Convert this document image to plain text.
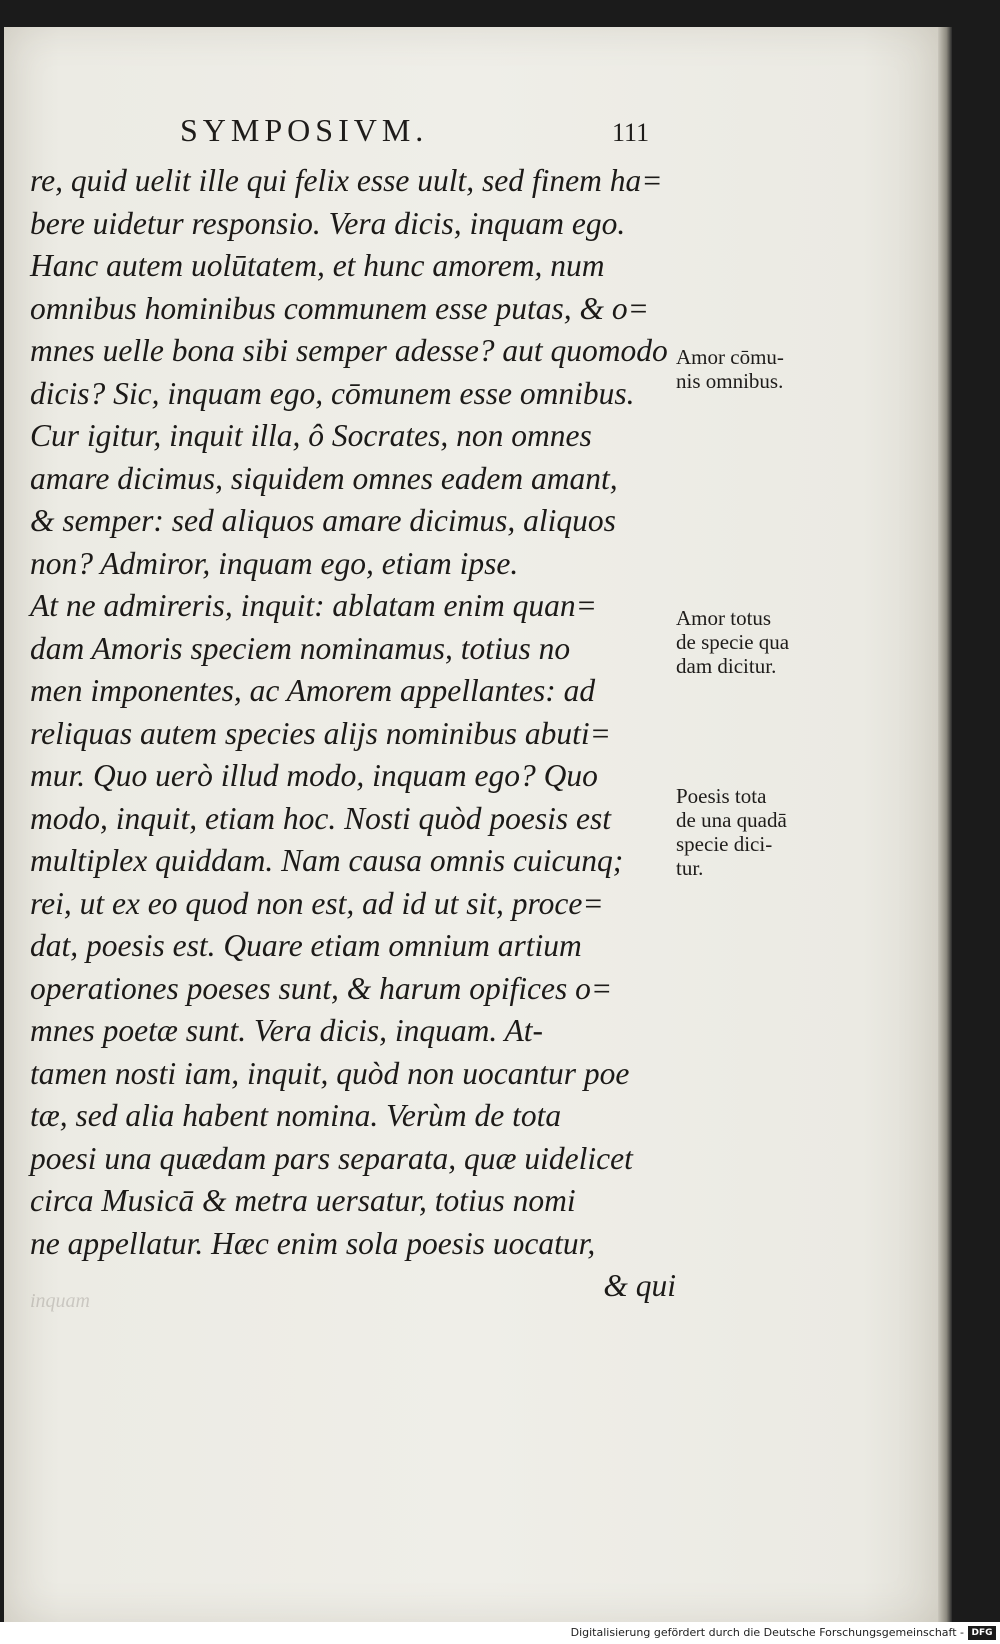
SYMPOSIVM.	111
re, quid uelit ille qui felix esse uult, sed finem ha=
bere uidetur responsio. Vera dicis, inquam ego.
Hanc autem uolūtatem, et hunc amorem, num
omnibus hominibus communem esse putas, & o=
mnes uelle bona sibi semper adesse? aut quomodo
dicis? Sic, inquam ego, cōmunem esse omnibus.
Cur igitur, inquit illa, ô Socrates, non omnes
amare dicimus, siquidem omnes eadem amant,
& semper: sed aliquos amare dicimus, aliquos
non? Admiror, inquam ego, etiam ipse.
At ne admireris, inquit: ablatam enim quan=
dam Amoris speciem nominamus, totius no
men imponentes, ac Amorem appellantes: ad
reliquas autem species alijs nominibus abuti=
mur. Quo uerò illud modo, inquam ego? Quo
modo, inquit, etiam hoc. Nosti quòd poesis est
multiplex quiddam. Nam causa omnis cuicunq;
rei, ut ex eo quod non est, ad id ut sit, proce=
dat, poesis est. Quare etiam omnium artium
operationes poeses sunt, & harum opifices o=
mnes poetæ sunt. Vera dicis, inquam. At-
tamen nosti iam, inquit, quòd non uocantur poe
tæ, sed alia habent nomina. Verùm de tota
poesi una quædam pars separata, quæ uidelicet
circa Musicā & metra uersatur, totius nomi
ne appellatur. Hæc enim sola poesis uocatur,
& qui
Amor cōmu-
nis omnibus.
Amor totus
de specie qua
dam dicitur.
Poesis tota
de una quadā
specie dici-
tur.
inquam
Digitalisierung gefördert durch die Deutsche Forschungsgemeinschaft - DFG
